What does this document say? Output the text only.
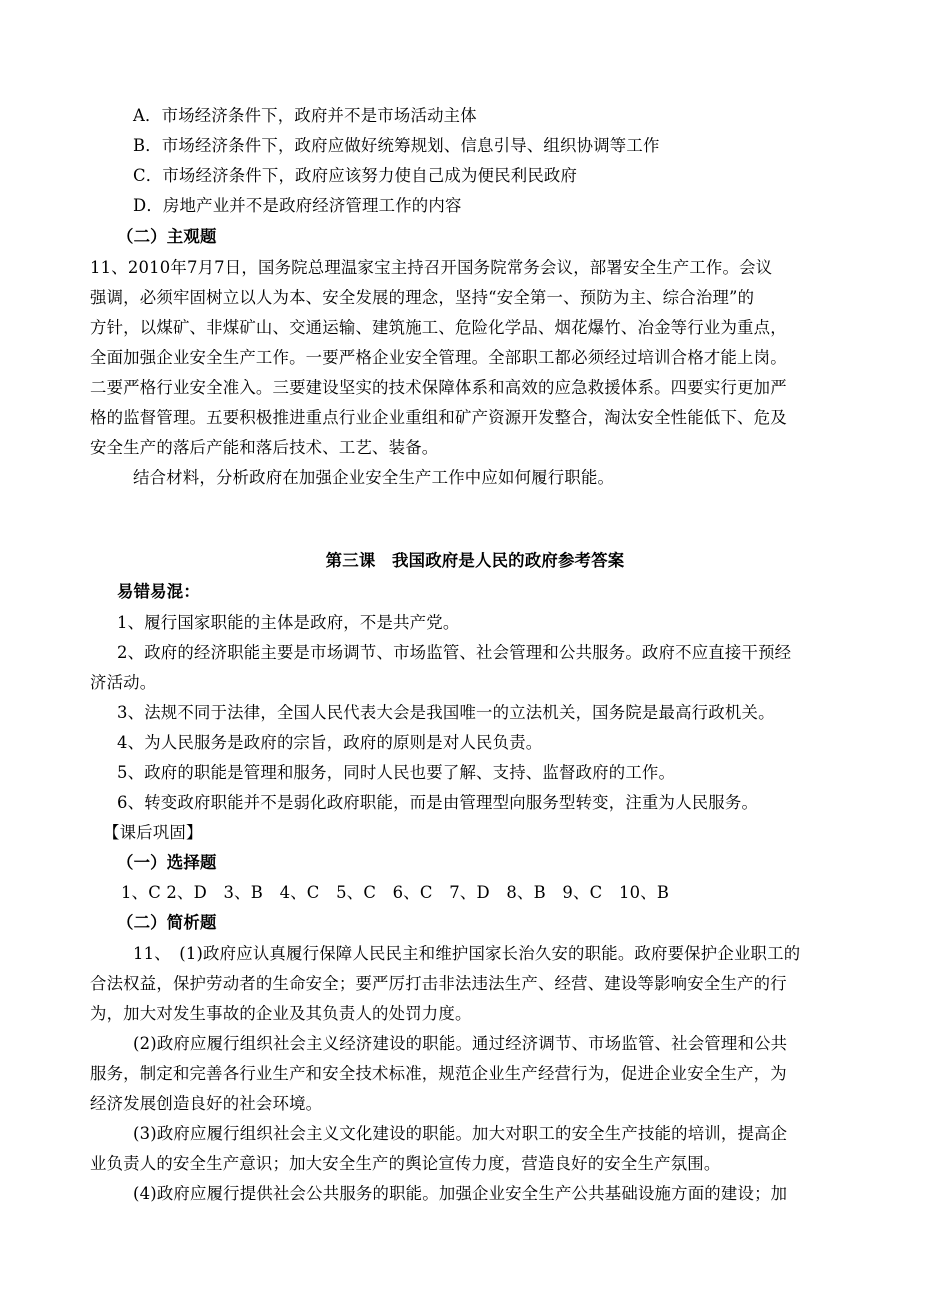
A．市场经济条件下，政府并不是市场活动主体
B．市场经济条件下，政府应做好统筹规划、信息引导、组织协调等工作
C．市场经济条件下，政府应该努力使自己成为便民利民政府
D．房地产业并不是政府经济管理工作的内容
（二）主观题
11、2010年7月7日，国务院总理温家宝主持召开国务院常务会议，部署安全生产工作。会议
强调，必须牢固树立以人为本、安全发展的理念，坚持“安全第一、预防为主、综合治理”的
方针，以煤矿、非煤矿山、交通运输、建筑施工、危险化学品、烟花爆竹、冶金等行业为重点，
全面加强企业安全生产工作。一要严格企业安全管理。全部职工都必须经过培训合格才能上岗。
二要严格行业安全准入。三要建设坚实的技术保障体系和高效的应急救援体系。四要实行更加严
格的监督管理。五要积极推进重点行业企业重组和矿产资源开发整合，淘汰安全性能低下、危及
安全生产的落后产能和落后技术、工艺、装备。
结合材料，分析政府在加强企业安全生产工作中应如何履行职能。
第三课　我国政府是人民的政府参考答案
易错易混：
1、履行国家职能的主体是政府，不是共产党。
2、政府的经济职能主要是市场调节、市场监管、社会管理和公共服务。政府不应直接干预经
济活动。
3、法规不同于法律，全国人民代表大会是我国唯一的立法机关，国务院是最高行政机关。
4、为人民服务是政府的宗旨，政府的原则是对人民负责。
5、政府的职能是管理和服务，同时人民也要了解、支持、监督政府的工作。
6、转变政府职能并不是弱化政府职能，而是由管理型向服务型转变，注重为人民服务。
【课后巩固】
（一）选择题
1、C 2、D　3、B　4、C　5、C　6、C　7、D　8、B　9、C　10、B
（二）简析题
11、　(1)政府应认真履行保障人民民主和维护国家长治久安的职能。政府要保护企业职工的
合法权益，保护劳动者的生命安全；要严厉打击非法违法生产、经营、建设等影响安全生产的行
为，加大对发生事故的企业及其负责人的处罚力度。
(2)政府应履行组织社会主义经济建设的职能。通过经济调节、市场监管、社会管理和公共
服务，制定和完善各行业生产和安全技术标准，规范企业生产经营行为，促进企业安全生产，为
经济发展创造良好的社会环境。
(3)政府应履行组织社会主义文化建设的职能。加大对职工的安全生产技能的培训，提高企
业负责人的安全生产意识；加大安全生产的舆论宣传力度，营造良好的安全生产氛围。
(4)政府应履行提供社会公共服务的职能。加强企业安全生产公共基础设施方面的建设；加
